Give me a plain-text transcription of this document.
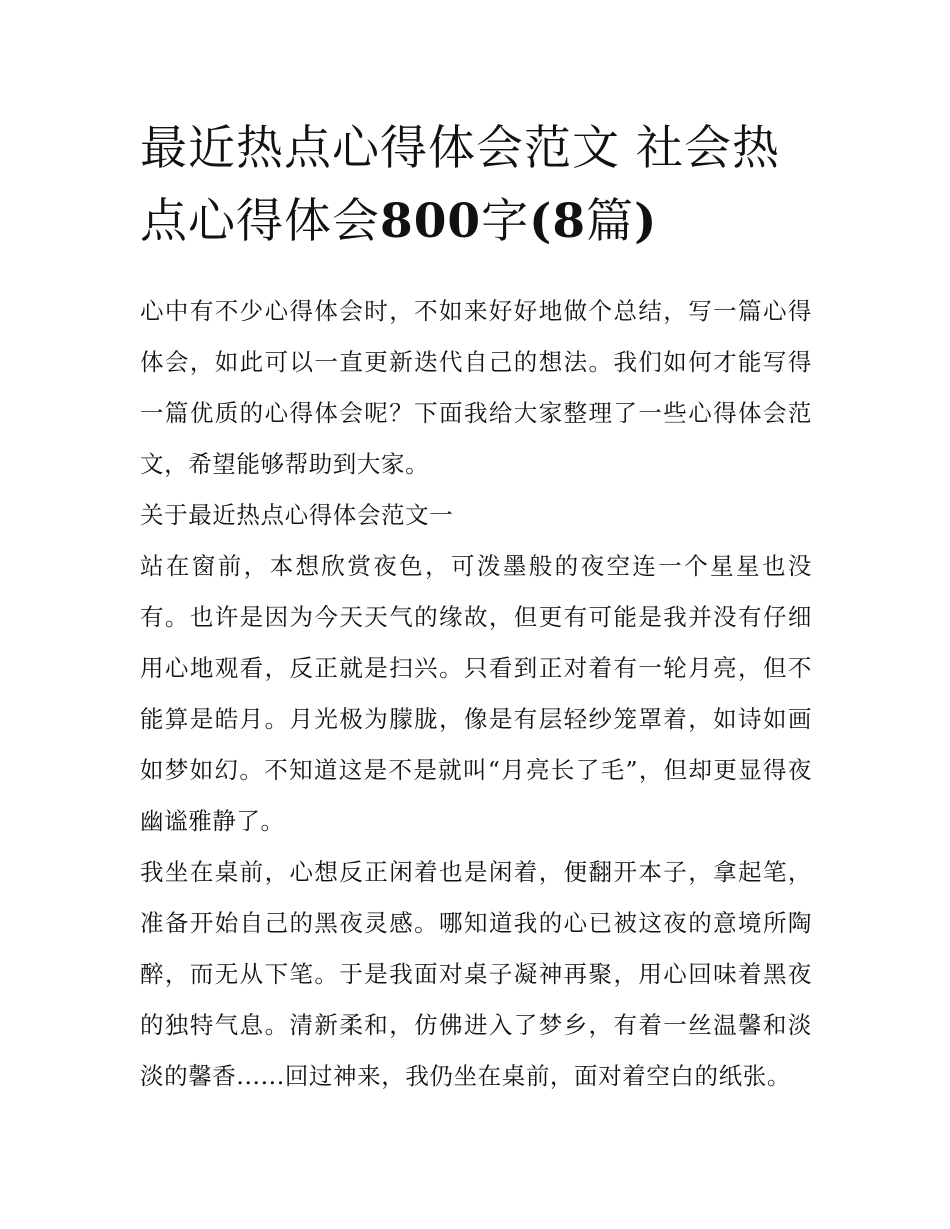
最近热点心得体会范文 社会热点心得体会800字(8篇)

心中有不少心得体会时，不如来好好地做个总结，写一篇心得体会，如此可以一直更新迭代自己的想法。我们如何才能写得一篇优质的心得体会呢？下面我给大家整理了一些心得体会范文，希望能够帮助到大家。

关于最近热点心得体会范文一

站在窗前，本想欣赏夜色，可泼墨般的夜空连一个星星也没有。也许是因为今天天气的缘故，但更有可能是我并没有仔细用心地观看，反正就是扫兴。只看到正对着有一轮月亮，但不能算是皓月。月光极为朦胧，像是有层轻纱笼罩着，如诗如画如梦如幻。不知道这是不是就叫“月亮长了毛”，但却更显得夜幽谧雅静了。

我坐在桌前，心想反正闲着也是闲着，便翻开本子，拿起笔，准备开始自己的黑夜灵感。哪知道我的心已被这夜的意境所陶醉，而无从下笔。于是我面对桌子凝神再聚，用心回味着黑夜的独特气息。清新柔和，仿佛进入了梦乡，有着一丝温馨和淡淡的馨香......回过神来，我仍坐在桌前，面对着空白的纸张。
